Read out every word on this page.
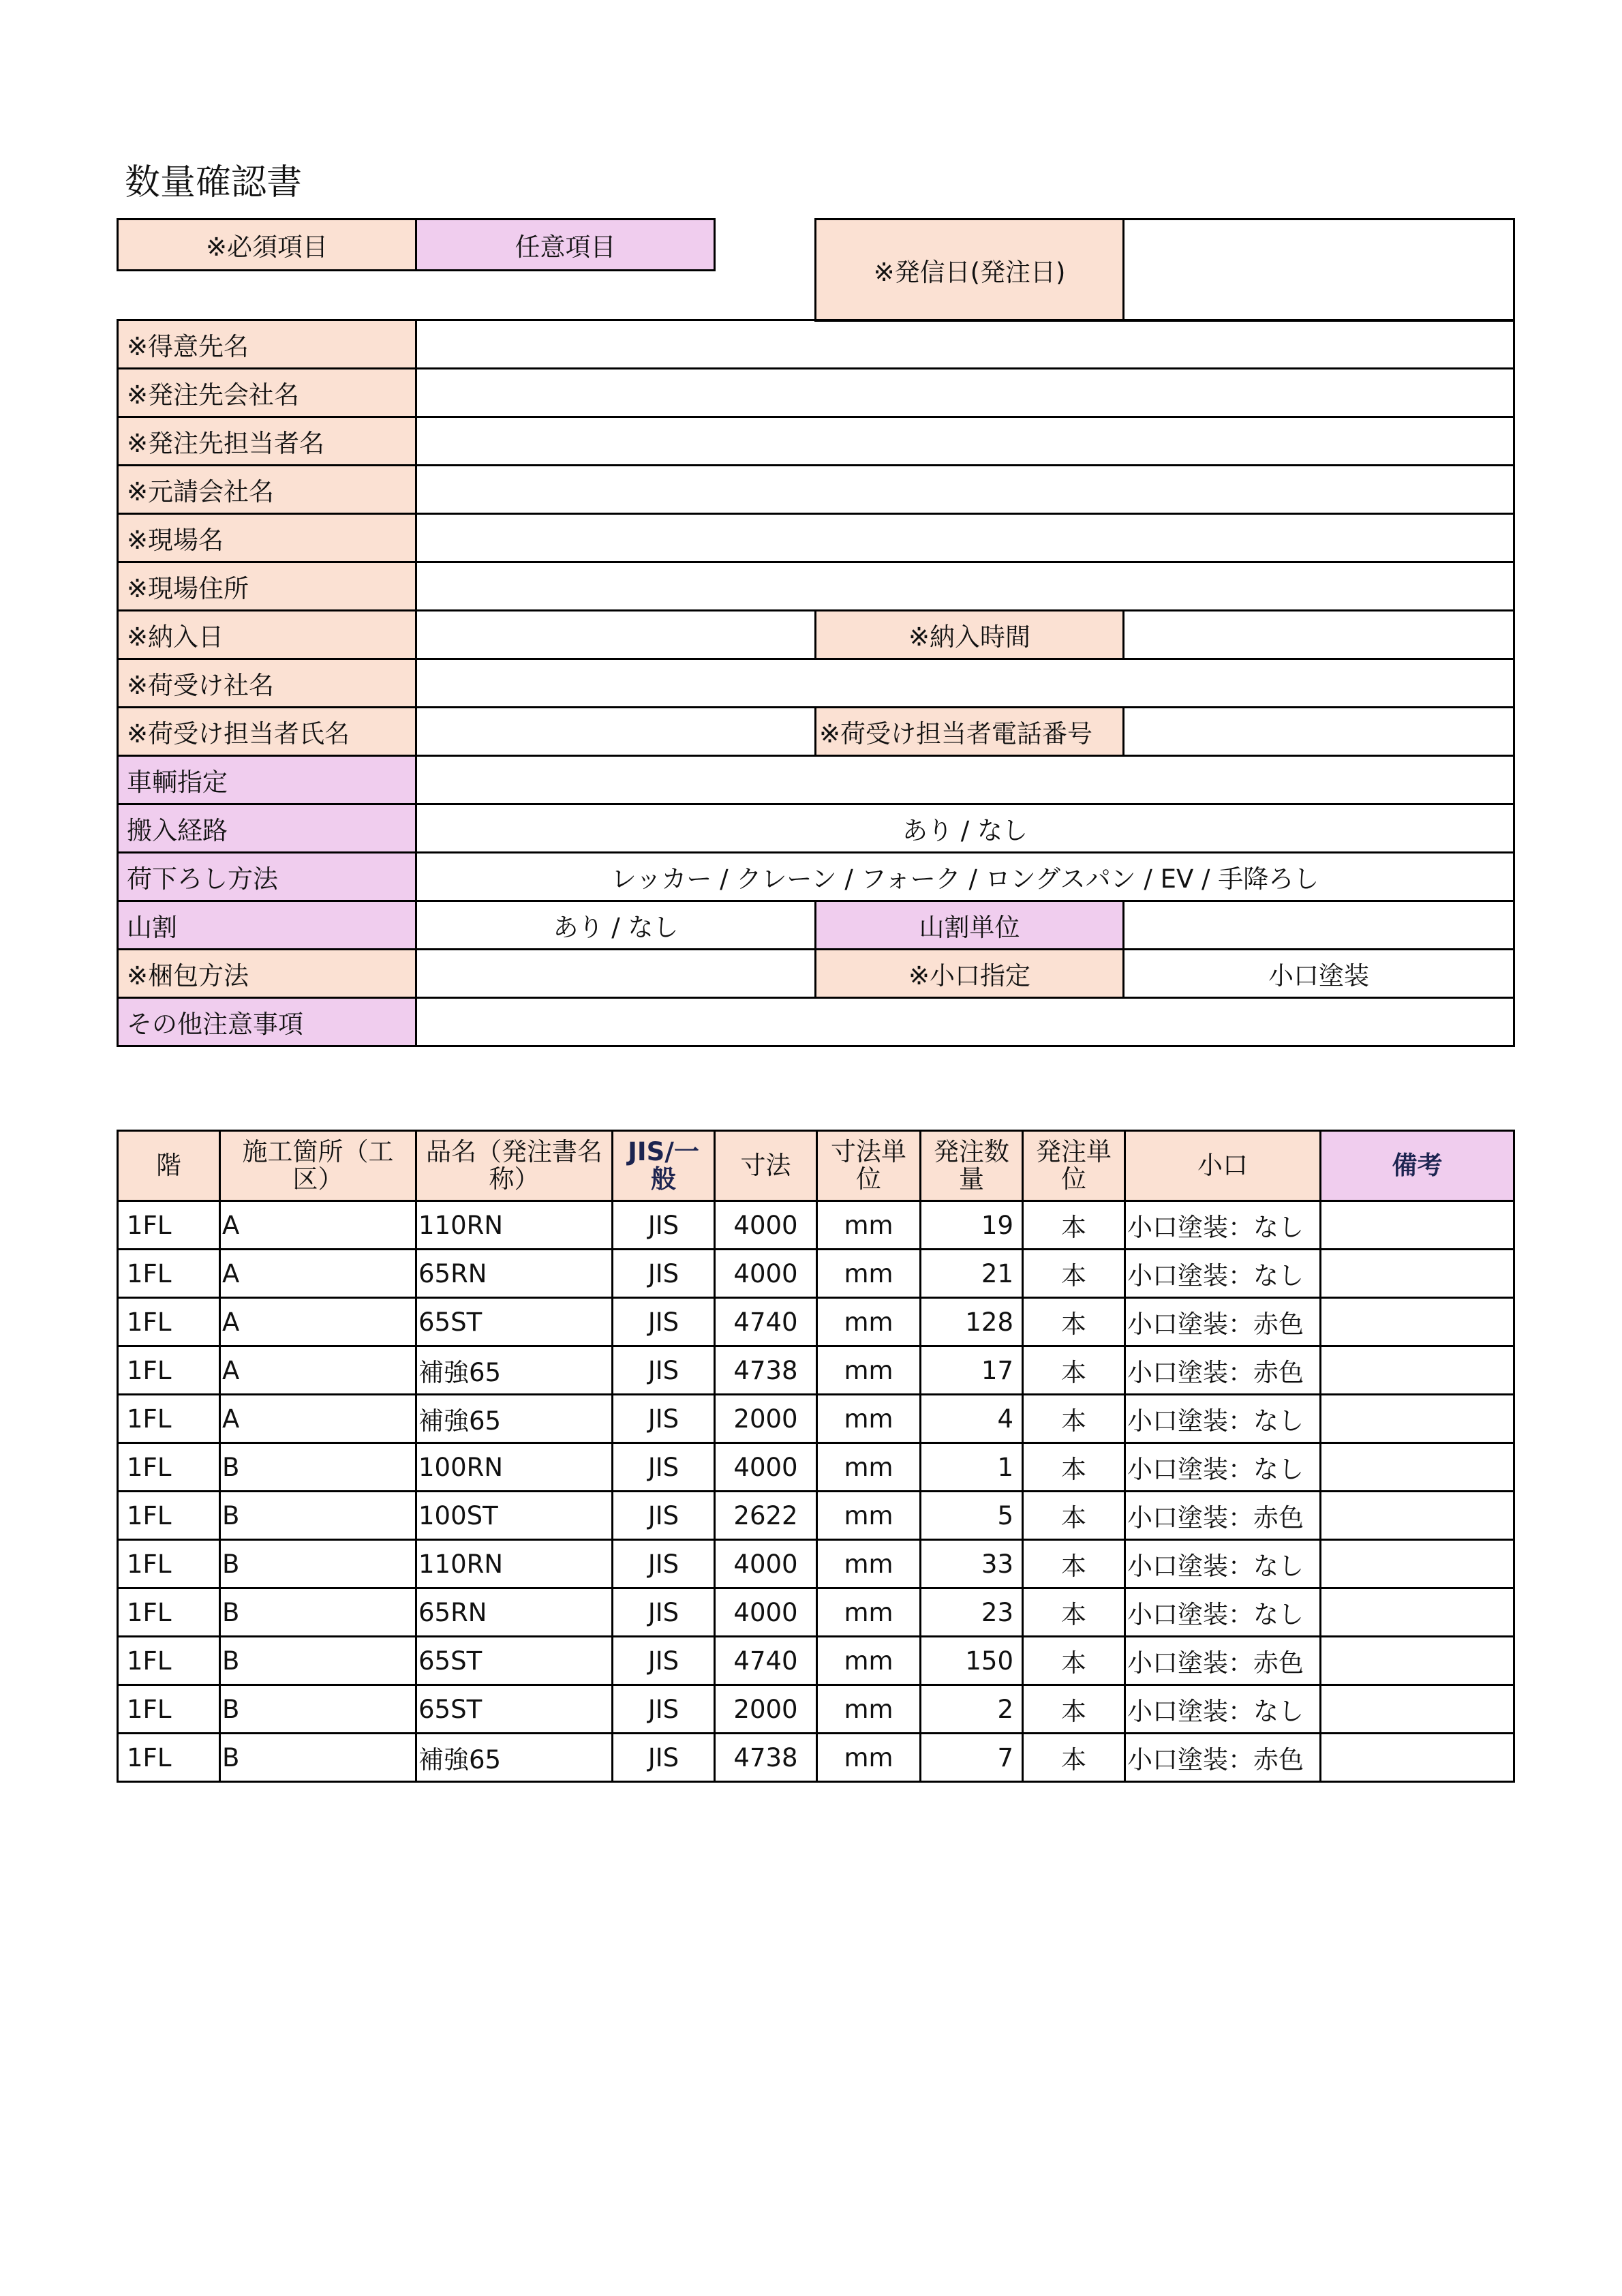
数量確認書
※必須項目	任意項目
※発信日(発注日)	
※得意先名			
※発注先会社名			
※発注先担当者名			
※元請会社名			
※現場名			
※現場住所			
※納入日		※納入時間	
※荷受け社名			
※荷受け担当者氏名		※荷受け担当者電話番号	
車輌指定			
搬入経路	あり / なし		
荷下ろし方法	レッカー / クレーン / フォーク / ロングスパン / EV / 手降ろし		
山割	あり / なし	山割単位	
※梱包方法		※小口指定	小口塗装
その他注意事項			
階	施工箇所（工区）	品名（発注書名称）	JIS/一般	寸法	寸法単位	発注数量	発注単位	小口	備考
1FL	A	110RN	JIS	4000	mm	19	本	小口塗装：なし	
1FL	A	65RN	JIS	4000	mm	21	本	小口塗装：なし	
1FL	A	65ST	JIS	4740	mm	128	本	小口塗装：赤色	
1FL	A	補強65	JIS	4738	mm	17	本	小口塗装：赤色	
1FL	A	補強65	JIS	2000	mm	4	本	小口塗装：なし	
1FL	B	100RN	JIS	4000	mm	1	本	小口塗装：なし	
1FL	B	100ST	JIS	2622	mm	5	本	小口塗装：赤色	
1FL	B	110RN	JIS	4000	mm	33	本	小口塗装：なし	
1FL	B	65RN	JIS	4000	mm	23	本	小口塗装：なし	
1FL	B	65ST	JIS	4740	mm	150	本	小口塗装：赤色	
1FL	B	65ST	JIS	2000	mm	2	本	小口塗装：なし	
1FL	B	補強65	JIS	4738	mm	7	本	小口塗装：赤色	
